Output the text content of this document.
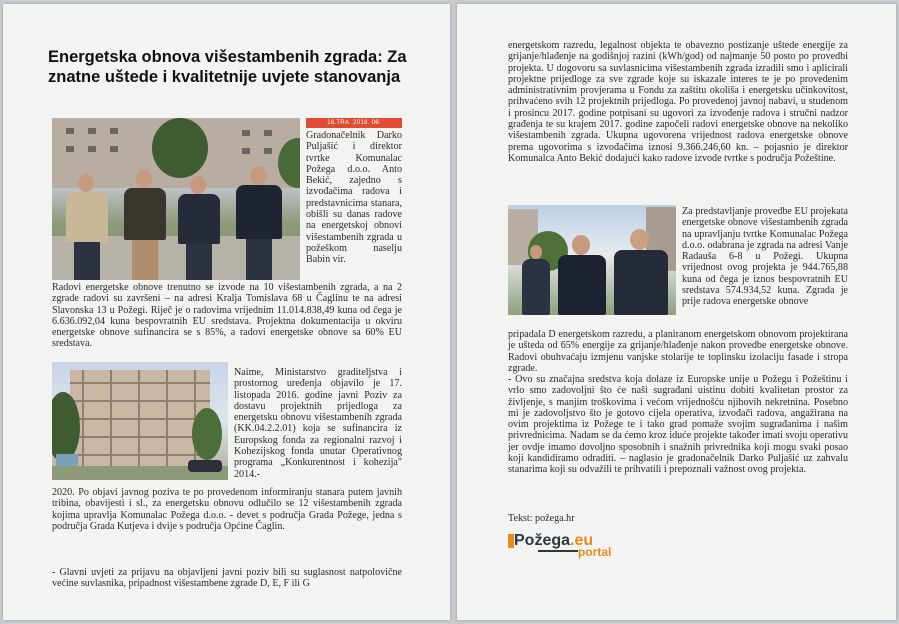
Energetska obnova višestambenih zgrada: Za znatne uštede i kvalitetnije uvjete stanovanja
18.TRA. 2018. 06:
Gradonačelnik Darko Puljašić i direktor tvrtke Komunalac Požega d.o.o. Anto Bekić, zajedno s izvođačima radova i predstavnicima stanara, obišli su danas radove na energetskoj obnovi višestambenih zgrada u požeškom naselju Babin vir.
Radovi energetske obnove trenutno se izvode na 10 višestambenih zgrada, a na 2 zgrade radovi su završeni – na adresi Kralja Tomislava 68 u Čaglinu te na adresi Slavonska 13 u Požegi. Riječ je o radovima vrijednim 11.014.838,49 kuna od čega je 6.636.092,04 kuna bespovratnih EU sredstava. Projektna dokumentacija u okviru energetske obnove sufinancira se s 85%, a radovi energetske obnove sa 60% EU sredstava.
Naime, Ministarstvo graditeljstva i prostornog uređenja objavilo je 17. listopada 2016. godine javni Poziv za dostavu projektnih prijedloga za energetsku obnovu višestambenih zgrada (KK.04.2.2.01) koja se sufinancira iz Europskog fonda za regionalni razvoj i Kohezijskog fonda unutar Operativnog programa „Konkurentnost i kohezija" 2014.-
2020. Po objavi javnog poziva te po provedenom informiranju stanara putem javnih tribina, obavijesti i sl., za energetsku obnovu odlučilo se 12 višestambenih zgrada kojima upravlja Komunalac Požega d.o.o. - devet s područja Grada Požege, jedna s područja Grada Kutjeva i dvije s područja Općine Čaglin.
- Glavni uvjeti za prijavu na objavljeni javni poziv bili su suglasnost natpolovične većine suvlasnika, pripadnost višestambene zgrade D, E, F ili G
energetskom razredu, legalnost objekta te obavezno postizanje uštede energije za grijanje/hlađenje na godišnjoj razini (kWh/god) od najmanje 50 posto po provedbi projekta. U dogovoru sa suvlasnicima višestambenih zgrada izradili smo i aplicirali projektne prijedloge za sve zgrade koje su iskazale interes te je po provedenim administrativnim provjerama u Fondu za zaštitu okoliša i energetsku učinkovitost, prihvaćeno svih 12 projektnih prijedloga. Po provedenoj javnoj nabavi, u studenom i prosincu 2017. godine potpisani su ugovori za izvođenje radova i stručni nadzor građenja te su krajem 2017. godine započeli radovi energetske obnove na nekoliko višestambenih zgrada. Ukupna ugovorena vrijednost radova energetske obnove prema ugovorima s izvođačima iznosi 9.366.246,60 kn. – pojasnio je direktor Komunalca Anto Bekić dodajući kako radove izvode tvrtke s područja Požeštine.
Za predstavljanje provedbe EU projekata energetske obnove višestambenih zgrada na upravljanju tvrtke Komunalac Požega d.o.o. odabrana je zgrada na adresi Vanje Radauša 6-8 u Požegi. Ukupna vrijednost ovog projekta je 944.765,88 kuna od čega je iznos bespovratnih EU sredstava 574.934,52 kuna. Zgrada je prije radova energetske obnove
pripadala D energetskom razredu, a planiranom energetskom obnovom projektirana je ušteda od 65% energije za grijanje/hlađenje nakon provedbe energetske obnove. Radovi obuhvaćaju izmjenu vanjske stolarije te toplinsku izolaciju fasade i stropa zgrade.
- Ovo su značajna sredstva koja dolaze iz Europske unije u Požegu i Požeštinu i vrlo smo zadovoljni što će naši sugrađani uistinu dobiti kvalitetan prostor za življenje, s manjim troškovima i većom vrijednošću njihovih nekretnina. Posebno mi je zadovoljstvo što je gotovo cijela operativa, izvođači radova, angažirana na ovim projektima iz Požege te i tako grad pomaže svojim sugrađanima i našim privrednicima. Nadam se da ćemo kroz iduće projekte također imati svoju operativu jer ovdje imamo dovoljno sposobnih i snažnih privrednika koji mogu svaki posao koji kandidiramo odraditi. – naglasio je gradonačelnik Darko Puljašić uz zahvalu stanarima koji su odvažili te prihvatili i prepoznali važnost ovog projekta.
Tekst: požega.hr
Požega.eu
portal
